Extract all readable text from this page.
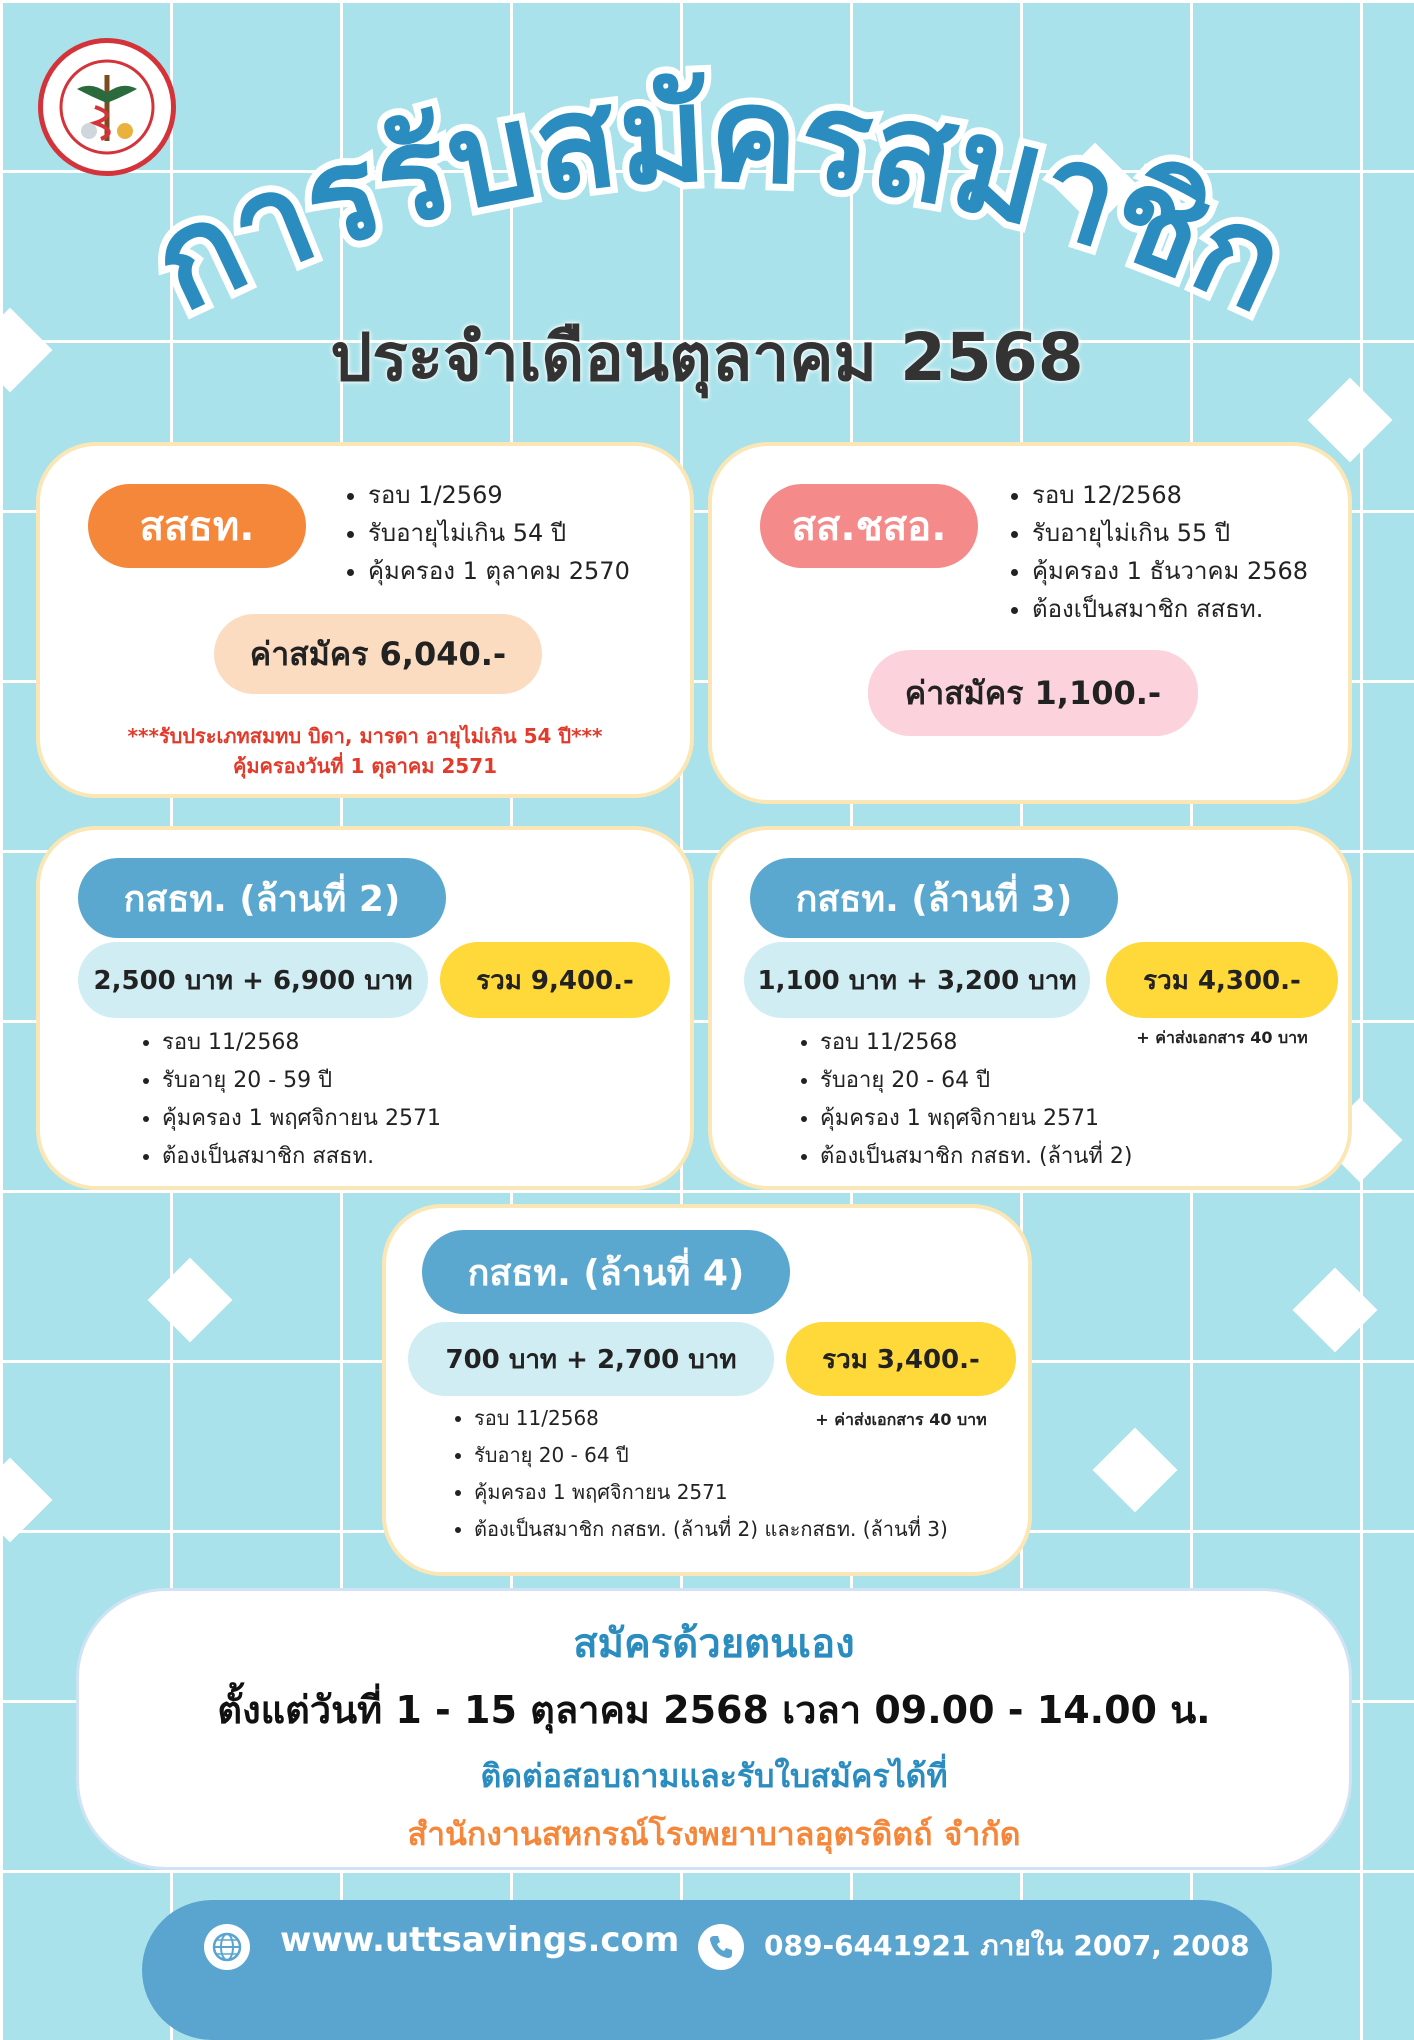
การรับสมัครสมาชิก
ประจำเดือนตุลาคม 2568
สสธท.
• รอบ 1/2569
• รับอายุไม่เกิน 54 ปี
• คุ้มครอง 1 ตุลาคม 2570
ค่าสมัคร 6,040.-
***รับประเภทสมทบ บิดา, มารดา อายุไม่เกิน 54 ปี***
คุ้มครองวันที่ 1 ตุลาคม 2571
สส.ชสอ.
• รอบ 12/2568
• รับอายุไม่เกิน 55 ปี
• คุ้มครอง 1 ธันวาคม 2568
• ต้องเป็นสมาชิก สสธท.
ค่าสมัคร 1,100.-
กสธท. (ล้านที่ 2)
2,500 บาท + 6,900 บาท	รวม 9,400.-
• รอบ 11/2568
• รับอายุ 20 - 59 ปี
• คุ้มครอง 1 พฤศจิกายน 2571
• ต้องเป็นสมาชิก สสธท.
กสธท. (ล้านที่ 3)
1,100 บาท + 3,200 บาท	รวม 4,300.-
+ ค่าส่งเอกสาร 40 บาท
• รอบ 11/2568
• รับอายุ 20 - 64 ปี
• คุ้มครอง 1 พฤศจิกายน 2571
• ต้องเป็นสมาชิก กสธท. (ล้านที่ 2)
กสธท. (ล้านที่ 4)
700 บาท + 2,700 บาท	รวม 3,400.-
+ ค่าส่งเอกสาร 40 บาท
• รอบ 11/2568
• รับอายุ 20 - 64 ปี
• คุ้มครอง 1 พฤศจิกายน 2571
• ต้องเป็นสมาชิก กสธท. (ล้านที่ 2) และกสธท. (ล้านที่ 3)
สมัครด้วยตนเอง
ตั้งแต่วันที่ 1 - 15 ตุลาคม 2568 เวลา 09.00 - 14.00 น.
ติดต่อสอบถามและรับใบสมัครได้ที่
สำนักงานสหกรณ์โรงพยาบาลอุตรดิตถ์ จำกัด
www.uttsavings.com	089-6441921 ภายใน 2007, 2008
